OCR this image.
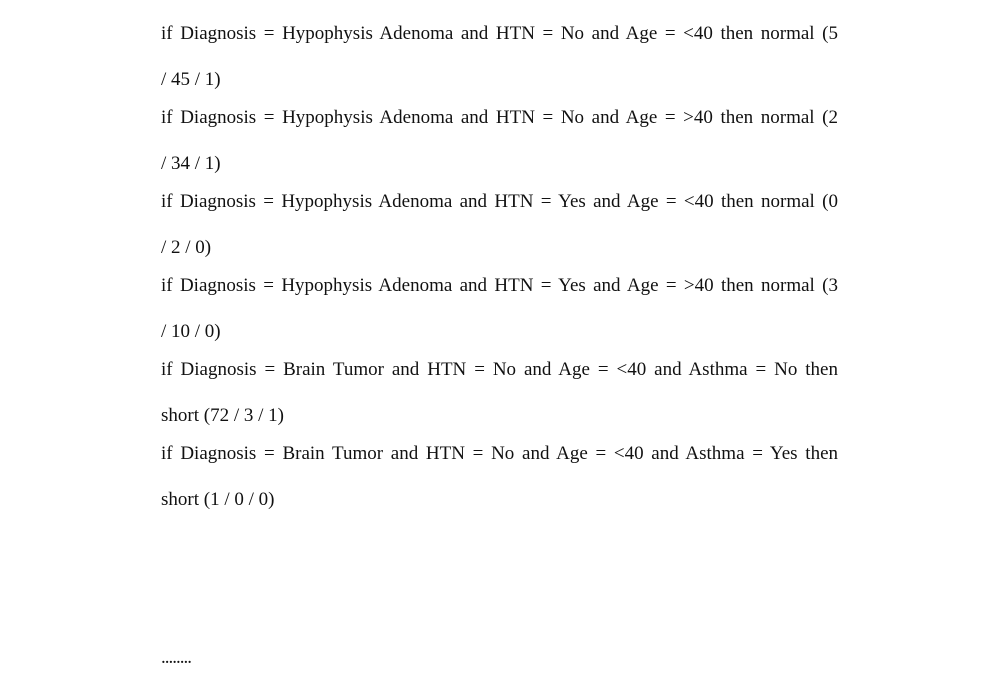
if Diagnosis = Hypophysis Adenoma and HTN = No and Age = <40 then normal (5
/ 45 / 1)
if Diagnosis = Hypophysis Adenoma and HTN = No and Age = >40 then normal (2
/ 34 / 1)
if Diagnosis = Hypophysis Adenoma and HTN = Yes and Age = <40 then normal (0
/ 2 / 0)
if Diagnosis = Hypophysis Adenoma and HTN = Yes and Age = >40 then normal (3
/ 10 / 0)
if Diagnosis = Brain Tumor and HTN = No and Age = <40 and Asthma = No then
short (72 / 3 / 1)
if Diagnosis = Brain Tumor and HTN = No and Age = <40 and Asthma = Yes then
short (1 / 0 / 0)
........
